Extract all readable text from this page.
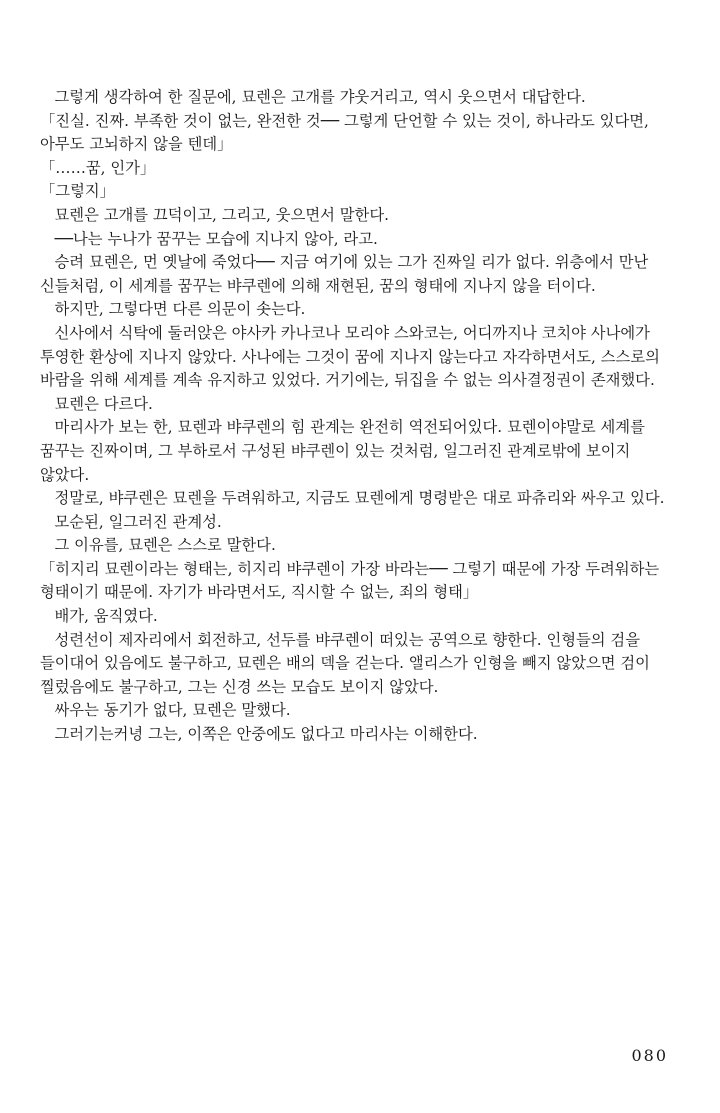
그렇게 생각하여 한 질문에, 묘렌은 고개를 갸웃거리고, 역시 웃으면서 대답한다.

「진실. 진짜. 부족한 것이 없는, 완전한 것── 그렇게 단언할 수 있는 것이, 하나라도 있다면, 아무도 고뇌하지 않을 텐데」

「……꿈, 인가」

「그렇지」

묘렌은 고개를 끄덕이고, 그리고, 웃으면서 말한다.

──나는 누나가 꿈꾸는 모습에 지나지 않아, 라고.

승려 묘렌은, 먼 옛날에 죽었다── 지금 여기에 있는 그가 진짜일 리가 없다. 위층에서 만난 신들처럼, 이 세계를 꿈꾸는 뱌쿠렌에 의해 재현된, 꿈의 형태에 지나지 않을 터이다.

하지만, 그렇다면 다른 의문이 솟는다.

신사에서 식탁에 둘러앉은 야사카 카나코나 모리야 스와코는, 어디까지나 코치야 사나에가 투영한 환상에 지나지 않았다. 사나에는 그것이 꿈에 지나지 않는다고 자각하면서도, 스스로의 바람을 위해 세계를 계속 유지하고 있었다. 거기에는, 뒤집을 수 없는 의사결정권이 존재했다.

묘렌은 다르다.

마리사가 보는 한, 묘렌과 뱌쿠렌의 힘 관계는 완전히 역전되어있다. 묘렌이야말로 세계를 꿈꾸는 진짜이며, 그 부하로서 구성된 뱌쿠렌이 있는 것처럼, 일그러진 관계로밖에 보이지 않았다.

정말로, 뱌쿠렌은 묘렌을 두려워하고, 지금도 묘렌에게 명령받은 대로 파츄리와 싸우고 있다.

모순된, 일그러진 관계성.

그 이유를, 묘렌은 스스로 말한다.

「히지리 묘렌이라는 형태는, 히지리 뱌쿠렌이 가장 바라는── 그렇기 때문에 가장 두려워하는 형태이기 때문에. 자기가 바라면서도, 직시할 수 없는, 죄의 형태」

배가, 움직였다.

성련선이 제자리에서 회전하고, 선두를 뱌쿠렌이 떠있는 공역으로 향한다. 인형들의 검을 들이대어 있음에도 불구하고, 묘렌은 배의 덱을 걷는다. 앨리스가 인형을 빼지 않았으면 검이 찔렀음에도 불구하고, 그는 신경 쓰는 모습도 보이지 않았다.

싸우는 동기가 없다, 묘렌은 말했다.

그러기는커녕 그는, 이쪽은 안중에도 없다고 마리사는 이해한다.

080
